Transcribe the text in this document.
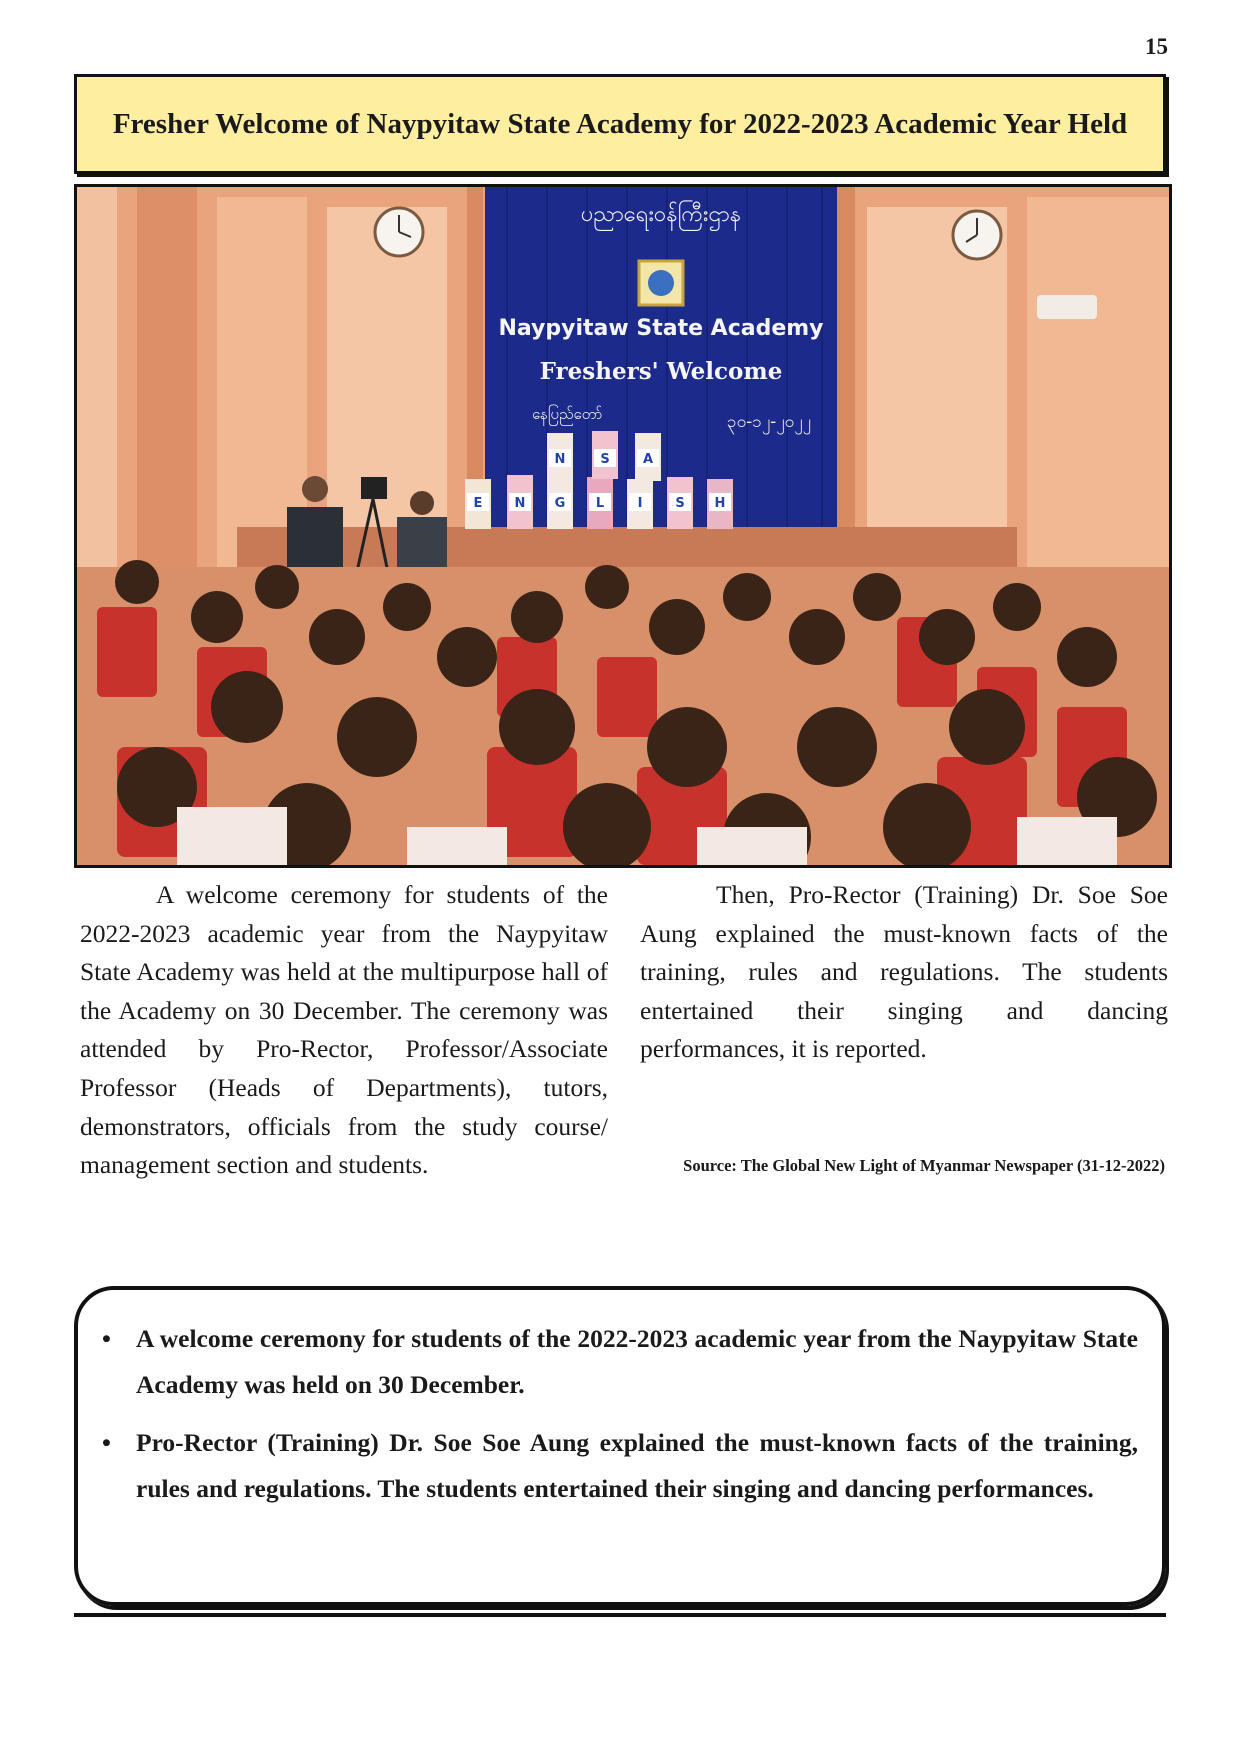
15
Fresher Welcome of Naypyitaw State Academy for 2022-2023 Academic Year Held
ပညာရေးဝန်ကြီးဌာန
Naypyitaw State Academy
Freshers' Welcome
နေပြည်တော်	၃၀-၁၂-၂၀၂၂
N	S	A
E N G L	I	S H

A welcome ceremony for students of the 2022-2023 academic year from the Naypyitaw State Academy was held at the multipurpose hall of the Academy on 30 December. The ceremony was attended by Pro-Rector, Professor/Associate Professor (Heads of Departments), tutors, demonstrators, officials from the study course/ management section and students.

Then, Pro-Rector (Training) Dr. Soe Soe Aung explained the must-known facts of the training, rules and regulations. The students entertained their singing and dancing performances, it is reported.

Source: The Global New Light of Myanmar Newspaper (31-12-2022)
• A welcome ceremony for students of the 2022-2023 academic year from the Naypyitaw State Academy was held on 30 December.
• Pro-Rector (Training) Dr. Soe Soe Aung explained the must-known facts of the training, rules and regulations. The students entertained their singing and dancing performances.
